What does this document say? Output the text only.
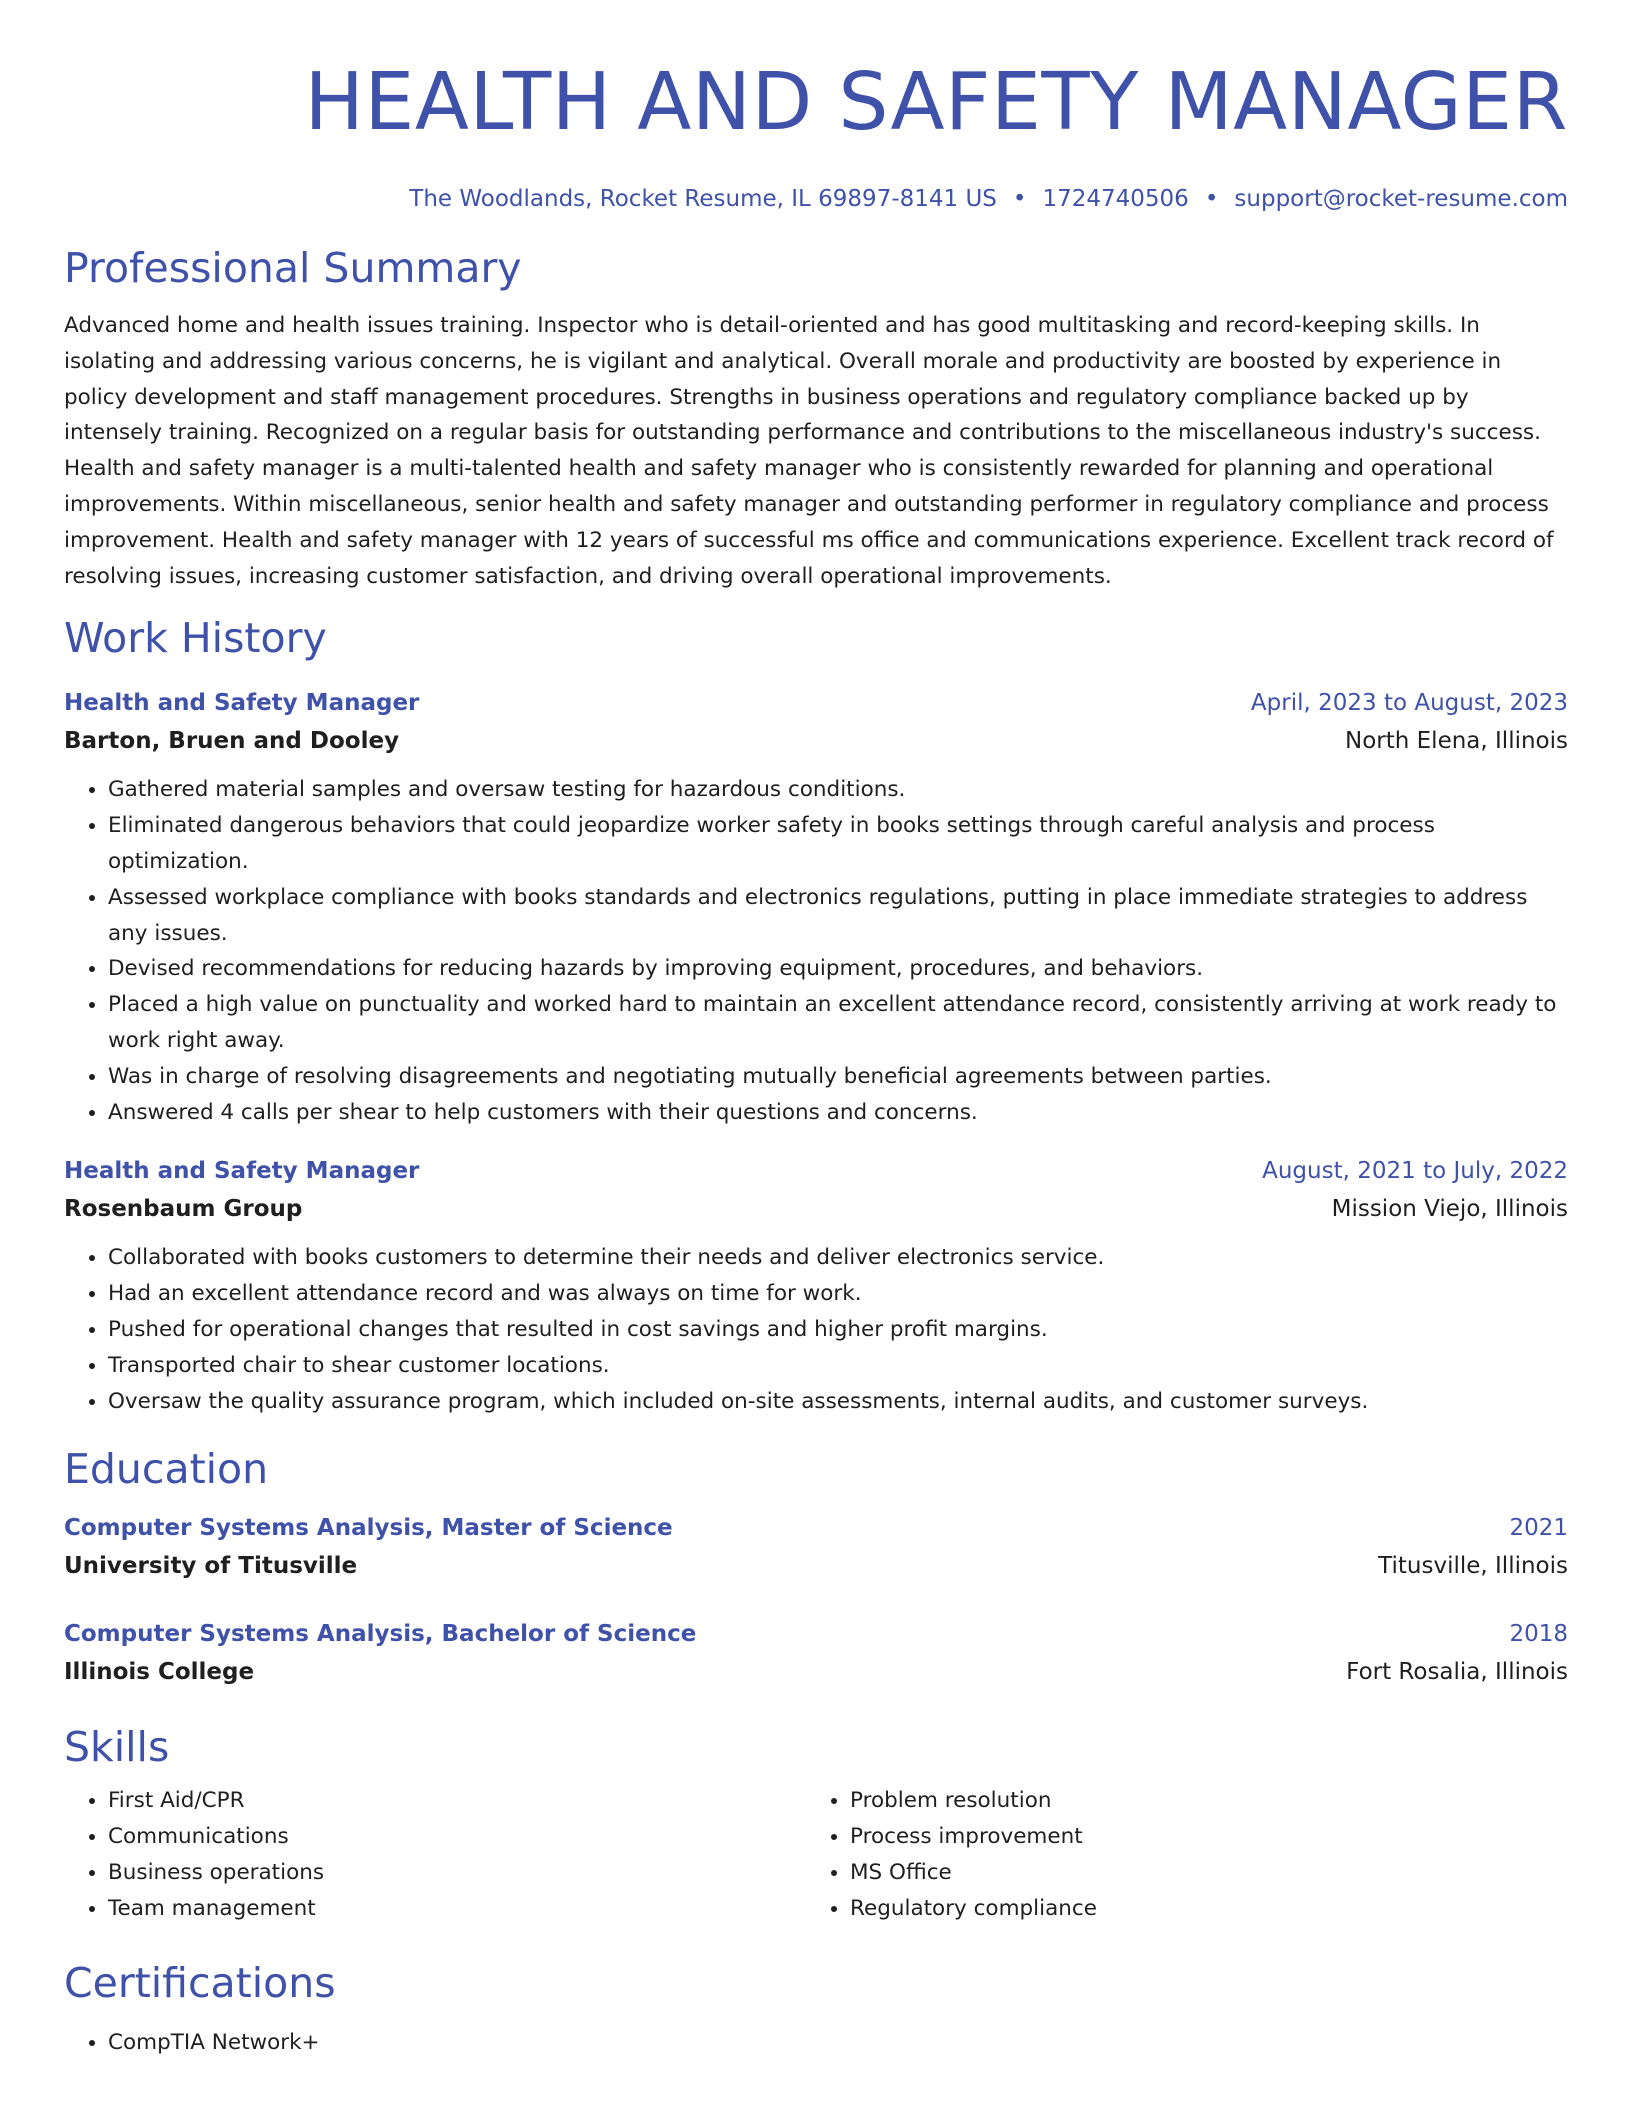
HEALTH AND SAFETY MANAGER
The Woodlands, Rocket Resume, IL 69897-8141 US • 1724740506 • support@rocket-resume.com
Professional Summary

Advanced home and health issues training. Inspector who is detail-oriented and has good multitasking and record-keeping skills. In isolating and addressing various concerns, he is vigilant and analytical. Overall morale and productivity are boosted by experience in policy development and staff management procedures. Strengths in business operations and regulatory compliance backed up by intensely training. Recognized on a regular basis for outstanding performance and contributions to the miscellaneous industry's success. Health and safety manager is a multi-talented health and safety manager who is consistently rewarded for planning and operational improvements. Within miscellaneous, senior health and safety manager and outstanding performer in regulatory compliance and process improvement. Health and safety manager with 12 years of successful ms office and communications experience. Excellent track record of resolving issues, increasing customer satisfaction, and driving overall operational improvements.

Work History
Health and Safety Manager	April, 2023 to August, 2023
Barton, Bruen and Dooley	North Elena, Illinois
• Gathered material samples and oversaw testing for hazardous conditions.
• Eliminated dangerous behaviors that could jeopardize worker safety in books settings through careful analysis and process optimization.
• Assessed workplace compliance with books standards and electronics regulations, putting in place immediate strategies to address any issues.
• Devised recommendations for reducing hazards by improving equipment, procedures, and behaviors.
• Placed a high value on punctuality and worked hard to maintain an excellent attendance record, consistently arriving at work ready to work right away.
• Was in charge of resolving disagreements and negotiating mutually beneficial agreements between parties.
• Answered 4 calls per shear to help customers with their questions and concerns.
Health and Safety Manager	August, 2021 to July, 2022
Rosenbaum Group	Mission Viejo, Illinois
• Collaborated with books customers to determine their needs and deliver electronics service.
• Had an excellent attendance record and was always on time for work.
• Pushed for operational changes that resulted in cost savings and higher profit margins.
• Transported chair to shear customer locations.
• Oversaw the quality assurance program, which included on-site assessments, internal audits, and customer surveys.
Education
Computer Systems Analysis, Master of Science	2021
University of Titusville	Titusville, Illinois
Computer Systems Analysis, Bachelor of Science	2018
Illinois College	Fort Rosalia, Illinois
Skills
• First Aid/CPR
• Communications
• Business operations
• Team management
• Problem resolution
• Process improvement
• MS Office
• Regulatory compliance
Certifications
• CompTIA Network+
